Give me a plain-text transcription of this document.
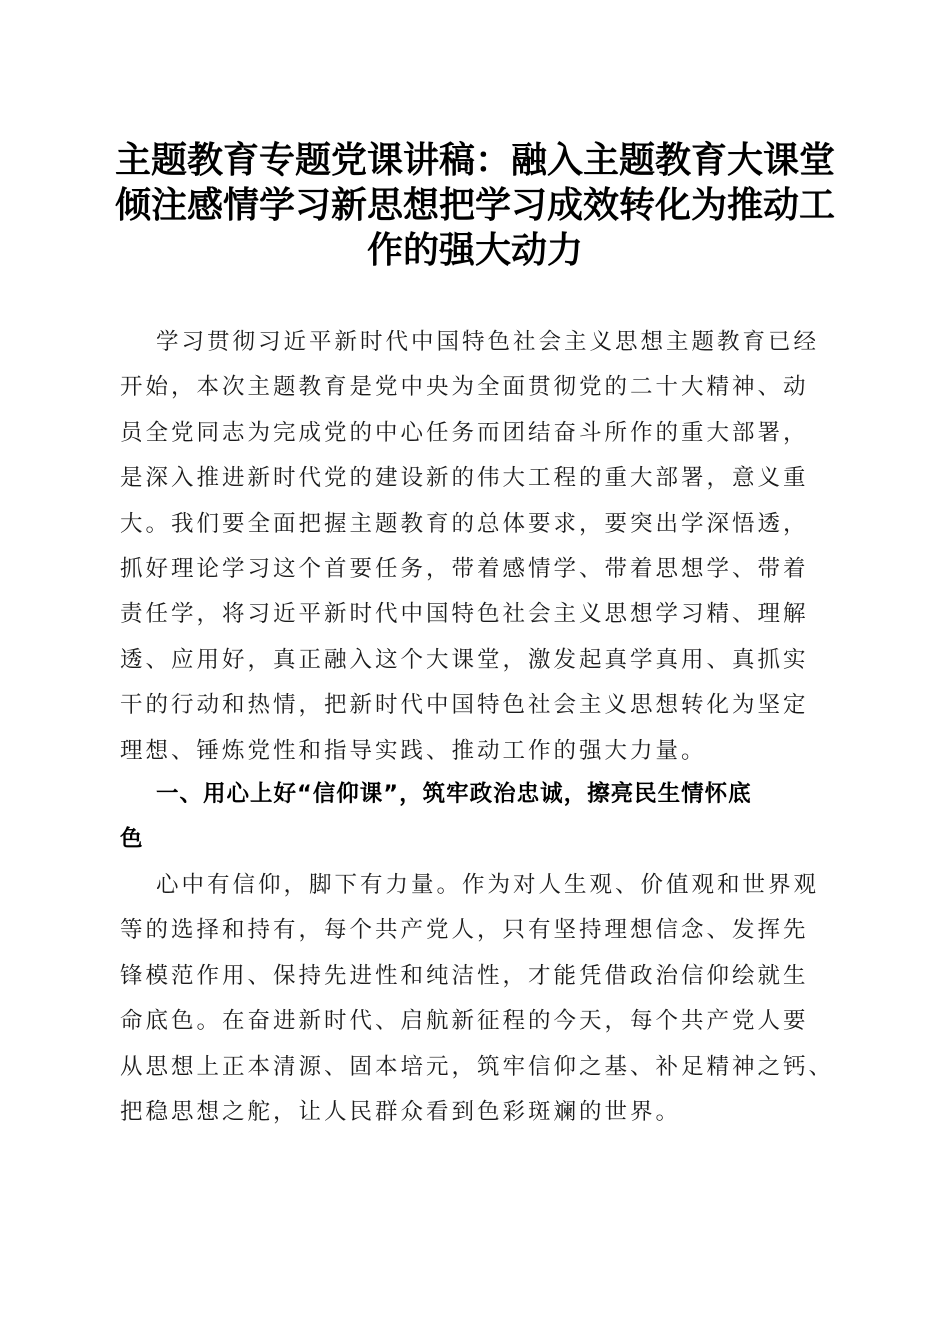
主题教育专题党课讲稿：融入主题教育大课堂
倾注感情学习新思想把学习成效转化为推动工
作的强大动力

学习贯彻习近平新时代中国特色社会主义思想主题教育已经
开始，本次主题教育是党中央为全面贯彻党的二十大精神、动
员全党同志为完成党的中心任务而团结奋斗所作的重大部署，
是深入推进新时代党的建设新的伟大工程的重大部署，意义重
大。我们要全面把握主题教育的总体要求，要突出学深悟透，
抓好理论学习这个首要任务，带着感情学、带着思想学、带着
责任学，将习近平新时代中国特色社会主义思想学习精、理解
透、应用好，真正融入这个大课堂，激发起真学真用、真抓实
干的行动和热情，把新时代中国特色社会主义思想转化为坚定
理想、锤炼党性和指导实践、推动工作的强大力量。

一、用心上好“信仰课”，筑牢政治忠诚，擦亮民生情怀底
色

心中有信仰，脚下有力量。作为对人生观、价值观和世界观
等的选择和持有，每个共产党人，只有坚持理想信念、发挥先
锋模范作用、保持先进性和纯洁性，才能凭借政治信仰绘就生
命底色。在奋进新时代、启航新征程的今天，每个共产党人要
从思想上正本清源、固本培元，筑牢信仰之基、补足精神之钙、
把稳思想之舵，让人民群众看到色彩斑斓的世界。
